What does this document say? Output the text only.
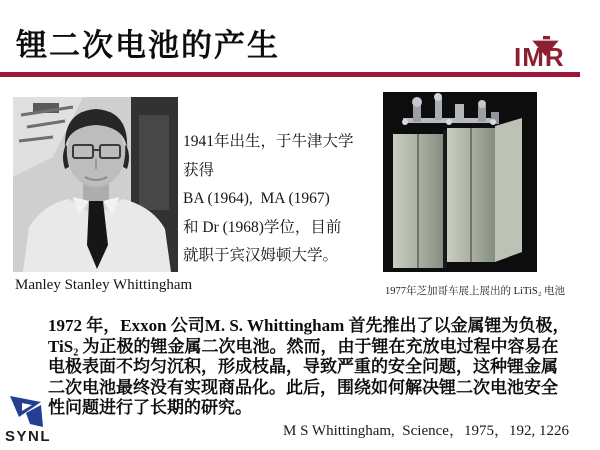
锂二次电池的产生	IMR
Manley Stanley Whittingham
1941年出生，于牛津大学
获得
BA (1964),  MA (1967)
和 Dr (1968)学位，目前
就职于宾汉姆顿大学。
1977年芝加哥车展上展出的 LiTiS₂ 电池
1972 年，Exxon 公司M. S. Whittingham 首先推出了以金属锂为负极，
TiS₂ 为正极的锂金属二次电池。然而，由于锂在充放电过程中容易在
电极表面不均匀沉积，形成枝晶，导致严重的安全问题，这种锂金属
二次电池最终没有实现商品化。此后，围绕如何解决锂二次电池安全
性问题进行了长期的研究。
M S Whittingham,  Science，1975，192, 1226
SYNL
